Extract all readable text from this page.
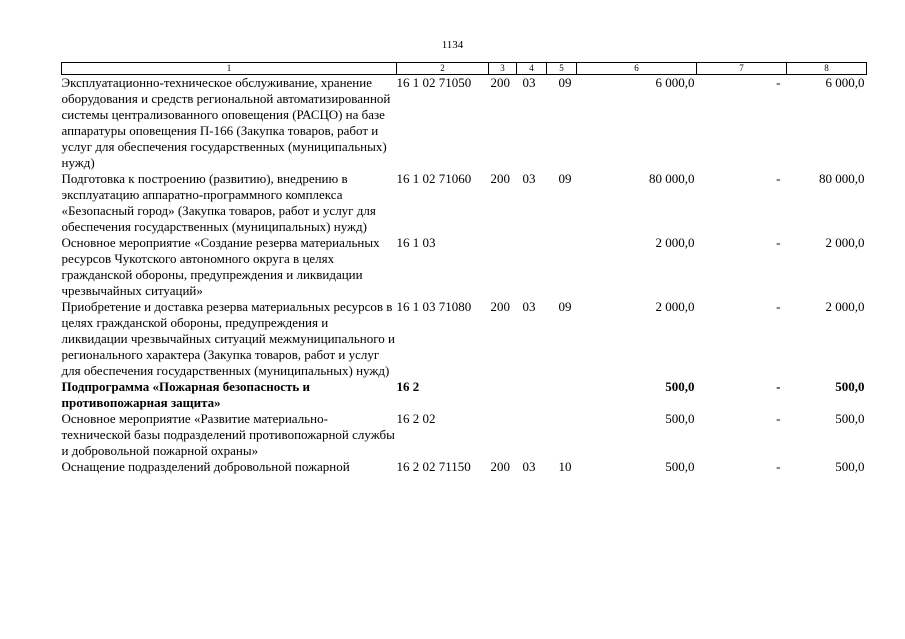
1134
1	2	3	4	5	6	7	8
Эксплуатационно-техническое обслуживание, хранение оборудования и средств региональной автоматизированной системы централизованного оповещения (РАСЦО) на базе аппаратуры оповещения П-166 (Закупка товаров, работ и услуг для обеспечения государственных (муниципальных) нужд)	16 1 02 71050	200	03	09	6 000,0	-	6 000,0
Подготовка к построению (развитию), внедрению в эксплуатацию аппаратно-программного комплекса «Безопасный город» (Закупка товаров, работ и услуг для обеспечения государственных (муниципальных) нужд)	16 1 02 71060	200	03	09	80 000,0	-	80 000,0
Основное мероприятие «Создание резерва материальных ресурсов Чукотского автономного округа в целях гражданской обороны, предупреждения и ликвидации чрезвычайных ситуаций»	16 1 03				2 000,0	-	2 000,0
Приобретение и доставка резерва материальных ресурсов в целях гражданской обороны, предупреждения и ликвидации чрезвычайных ситуаций межмуниципального и регионального характера (Закупка товаров, работ и услуг для обеспечения государственных (муниципальных) нужд)	16 1 03 71080	200	03	09	2 000,0	-	2 000,0
Подпрограмма «Пожарная безопасность и противопожарная защита»	16 2				500,0	-	500,0
Основное мероприятие «Развитие материально-технической базы подразделений противопожарной службы и добровольной пожарной охраны»	16 2 02				500,0	-	500,0
Оснащение подразделений добровольной пожарной	16 2 02 71150	200	03	10	500,0	-	500,0
